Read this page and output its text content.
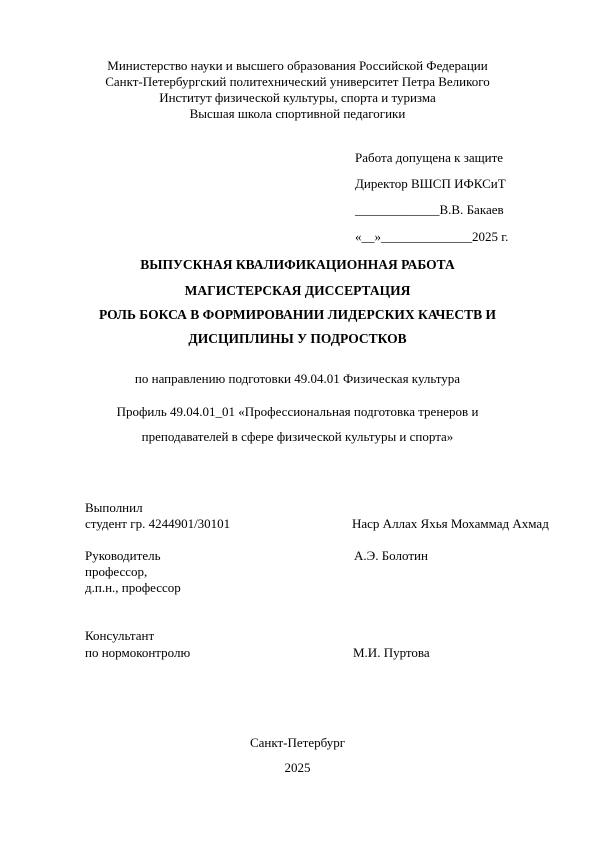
Министерство науки и высшего образования Российской Федерации
Санкт-Петербургский политехнический университет Петра Великого
Институт физической культуры, спорта и туризма
Высшая школа спортивной педагогики
Работа допущена к защите
Директор ВШСП ИФКСиТ
_____________В.В. Бакаев
«__»______________2025 г.
ВЫПУСКНАЯ КВАЛИФИКАЦИОННАЯ РАБОТА
МАГИСТЕРСКАЯ ДИССЕРТАЦИЯ
РОЛЬ БОКСА В ФОРМИРОВАНИИ ЛИДЕРСКИХ КАЧЕСТВ И
ДИСЦИПЛИНЫ У ПОДРОСТКОВ
по направлению подготовки 49.04.01 Физическая культура
Профиль 49.04.01_01 «Профессиональная подготовка тренеров и
преподавателей в сфере физической культуры и спорта»
Выполнил
студент гр. 4244901/30101	Наср Аллах Яхья Мохаммад Ахмад
Руководитель
профессор,
д.п.н., профессор
А.Э. Болотин
Консультант
по нормоконтролю	М.И. Пуртова
Санкт-Петербург
2025
